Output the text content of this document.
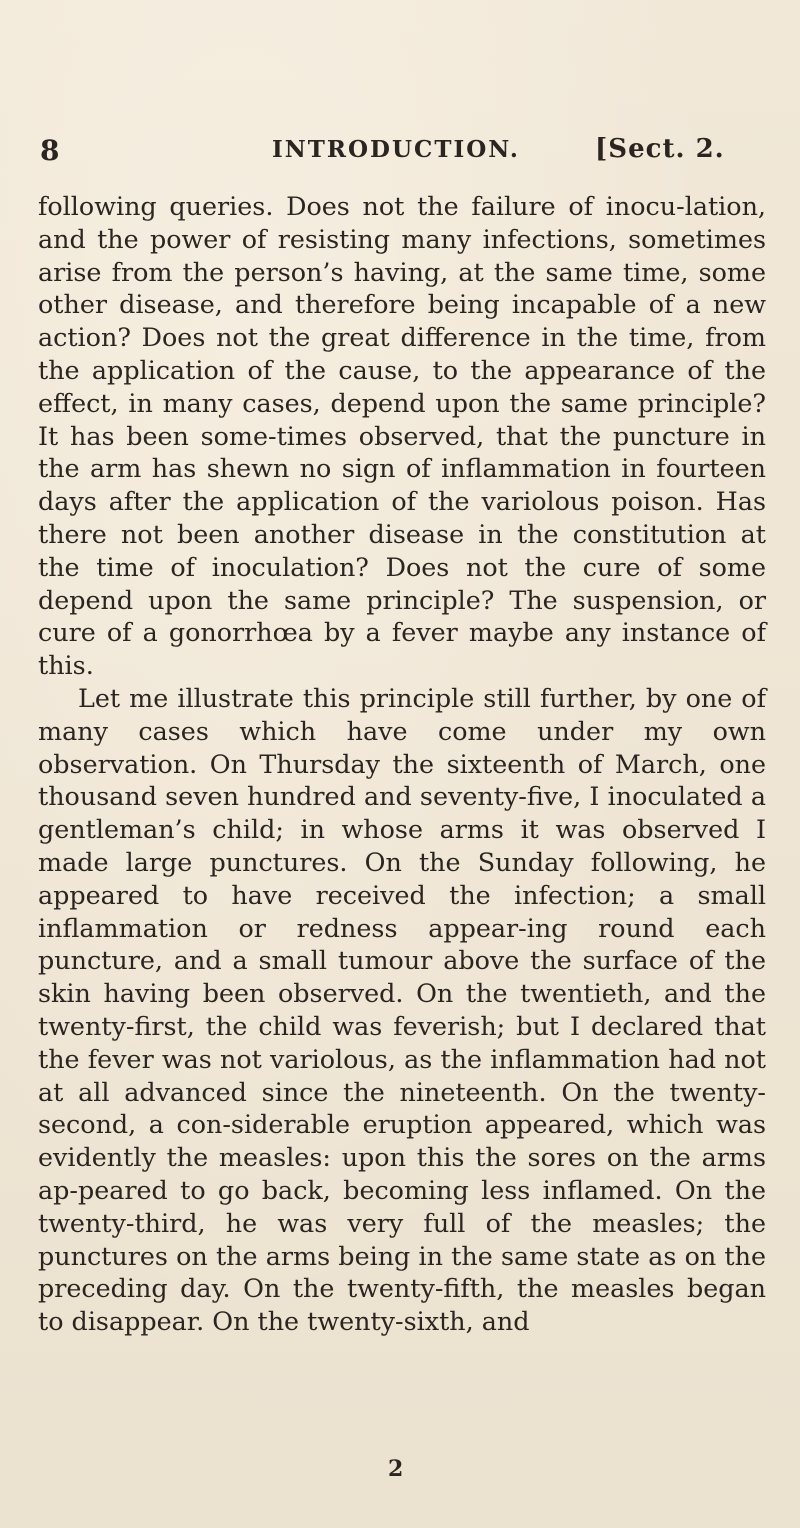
8	INTRODUCTION.	[Sect. 2.

following queries. Does not the failure of inocu-lation, and the power of resisting many infections, sometimes arise from the person’s having, at the same time, some other disease, and therefore being incapable of a new action? Does not the great difference in the time, from the application of the cause, to the appearance of the effect, in many cases, depend upon the same principle? It has been some-times observed, that the puncture in the arm has shewn no sign of inflammation in fourteen days after the application of the variolous poison. Has there not been another disease in the constitution at the time of inoculation? Does not the cure of some depend upon the same principle? The suspension, or cure of a gonorrhœa by a fever maybe any instance of this.

Let me illustrate this principle still further, by one of many cases which have come under my own observation. On Thursday the sixteenth of March, one thousand seven hundred and seventy-five, I inoculated a gentleman’s child; in whose arms it was observed I made large punctures. On the Sunday following, he appeared to have received the infection; a small inflammation or redness appear-ing round each puncture, and a small tumour above the surface of the skin having been observed. On the twentieth, and the twenty-first, the child was feverish; but I declared that the fever was not variolous, as the inflammation had not at all advanced since the nineteenth. On the twenty-second, a con-siderable eruption appeared, which was evidently the measles: upon this the sores on the arms ap-peared to go back, becoming less inflamed. On the twenty-third, he was very full of the measles; the punctures on the arms being in the same state as on the preceding day. On the twenty-fifth, the measles began to disappear. On the twenty-sixth, and

2
